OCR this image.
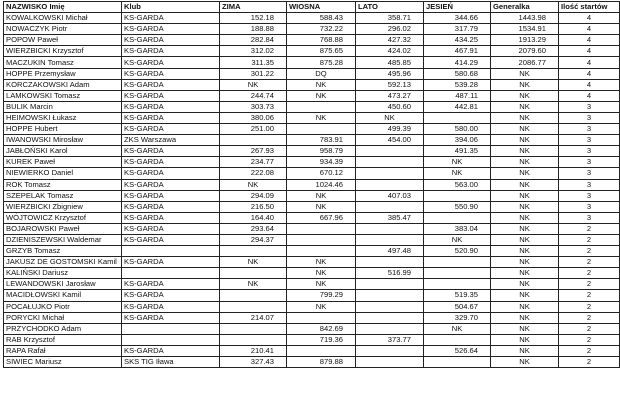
NAZWISKO Imię	Klub	ZIMA	WIOSNA	LATO	JESIEŃ	Generalka	Ilość startów
KOWALKOWSKI Michał	KS-GARDA	152.18	588.43	358.71	344.66	1443.98	4
NOWACZYK Piotr	KS-GARDA	188.88	732.22	296.02	317.79	1534.91	4
POPOW Paweł	KS-GARDA	282.84	768.88	427.32	434.25	1913.29	4
WIERZBICKI Krzysztof	KS-GARDA	312.02	875.65	424.02	467.91	2079.60	4
MACZUKIN Tomasz	KS-GARDA	311.35	875.28	485.85	414.29	2086.77	4
HOPPE Przemysław	KS-GARDA	301.22	DQ	495.96	580.68	NK	4
KORCZAKOWSKI Adam	KS-GARDA	NK	NK	592.13	539.28	NK	4
LAMKOWSKI Tomasz	KS-GARDA	244.74	NK	473.27	487.11	NK	4
BULIK Marcin	KS-GARDA	303.73		450.60	442.81	NK	3
HEIMOWSKI Łukasz	KS-GARDA	380.06	NK	NK		NK	3
HOPPE Hubert	KS-GARDA	251.00		499.39	580.00	NK	3
IWANOWSKI Mirosław	ZKS Warszawa		783.91	454.00	394.06	NK	3
JABŁOŃSKI Karol	KS-GARDA	267.93	958.79		491.35	NK	3
KUREK Paweł	KS-GARDA	234.77	934.39		NK	NK	3
NIEWIERKO Daniel	KS-GARDA	222.08	670.12		NK	NK	3
ROK Tomasz	KS-GARDA	NK	1024.46		563.00	NK	3
SZEPELAK Tomasz	KS-GARDA	294.09	NK	407.03		NK	3
WIERZBICKI Zbigniew	KS-GARDA	216.50	NK		550.90	NK	3
WÓJTOWICZ Krzysztof	KS-GARDA	164.40	667.96	385.47		NK	3
BOJAROWSKI Paweł	KS-GARDA	293.64			383.04	NK	2
DZIENISZEWSKI Waldemar	KS-GARDA	294.37			NK	NK	2
GRZYB Tomasz				497.48	520.90	NK	2
JAKUSZ DE GOSTOMSKI Kamil	KS-GARDA	NK	NK			NK	2
KALIŃSKI Dariusz			NK	516.99		NK	2
LEWANDOWSKI Jarosław	KS-GARDA	NK	NK			NK	2
MACIDŁOWSKI Kamil	KS-GARDA		799.29		519.35	NK	2
POCAŁUJKO Piotr	KS-GARDA		NK		504.67	NK	2
PORYCKI Michał	KS-GARDA	214.07			329.70	NK	2
PRZYCHODKO Adam			842.69		NK	NK	2
RAB Krzysztof			719.36	373.77		NK	2
RAPA Rafał	KS-GARDA	210.41			526.64	NK	2
SIWIEC Mariusz	SKS TIG Iława	327.43	879.88			NK	2
